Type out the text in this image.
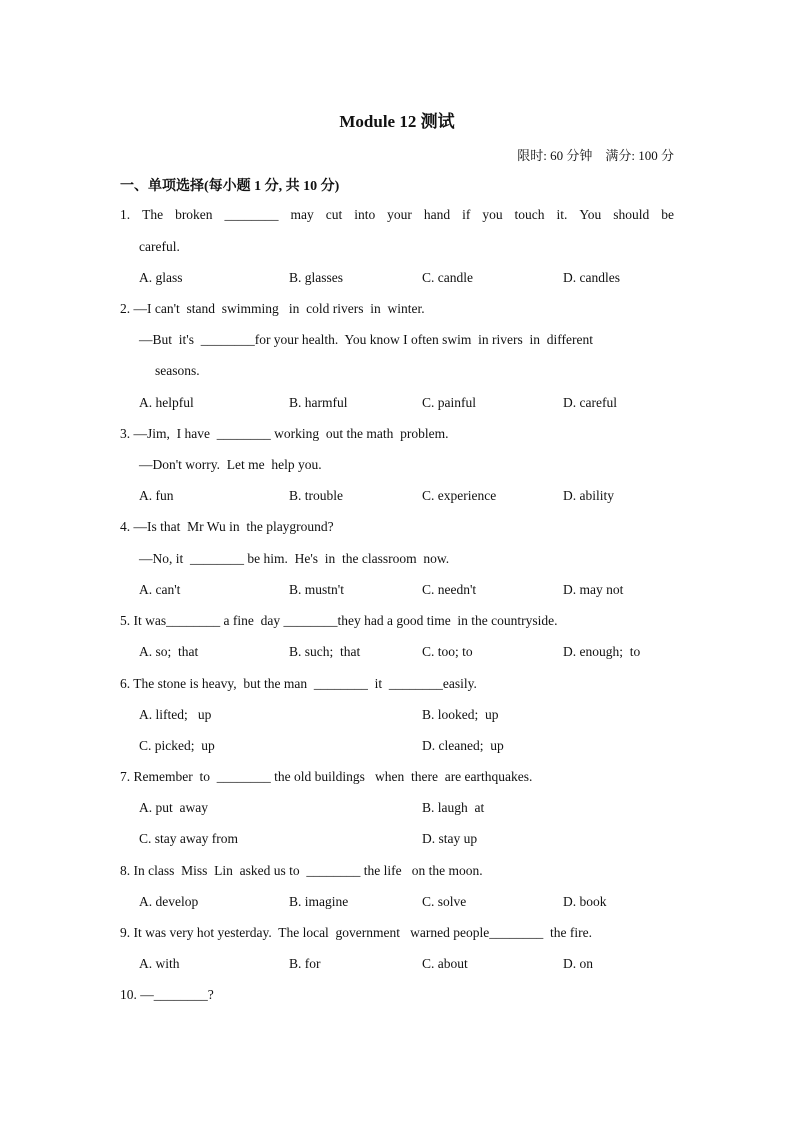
Module 12 测试
限时: 60 分钟    满分: 100 分
一、单项选择(每小题 1 分, 共 10 分)
1. The broken ________ may cut into your hand if you touch it. You should be
careful.
A. glass	B. glasses	C. candle	D. candles
2. —I can't  stand  swimming   in  cold rivers  in  winter.
—But  it's  ________for your health.  You know I often swim  in rivers  in  different
seasons.
A. helpful	B. harmful	C. painful	D. careful
3. —Jim,  I have  ________ working  out the math  problem.
—Don't worry.  Let me  help you.
A. fun	B. trouble	C. experience	D. ability
4. —Is that  Mr Wu in  the playground?
—No, it  ________ be him.  He's  in  the classroom  now.
A. can't	B. mustn't	C. needn't	D. may not
5. It was________ a fine  day ________they had a good time  in the countryside.
A. so;  that	B. such;  that	C. too; to	D. enough;  to
6. The stone is heavy,  but the man  ________  it  ________easily.
A. lifted;   up	B. looked;  up
C. picked;  up	D. cleaned;  up
7. Remember  to  ________ the old buildings   when  there  are earthquakes.
A. put  away	B. laugh  at
C. stay away from	D. stay up
8. In class  Miss  Lin  asked us to  ________ the life   on the moon.
A. develop	B. imagine	C. solve	D. book
9. It was very hot yesterday.  The local  government   warned people________  the fire.
A. with	B. for	C. about	D. on
10. —________?
